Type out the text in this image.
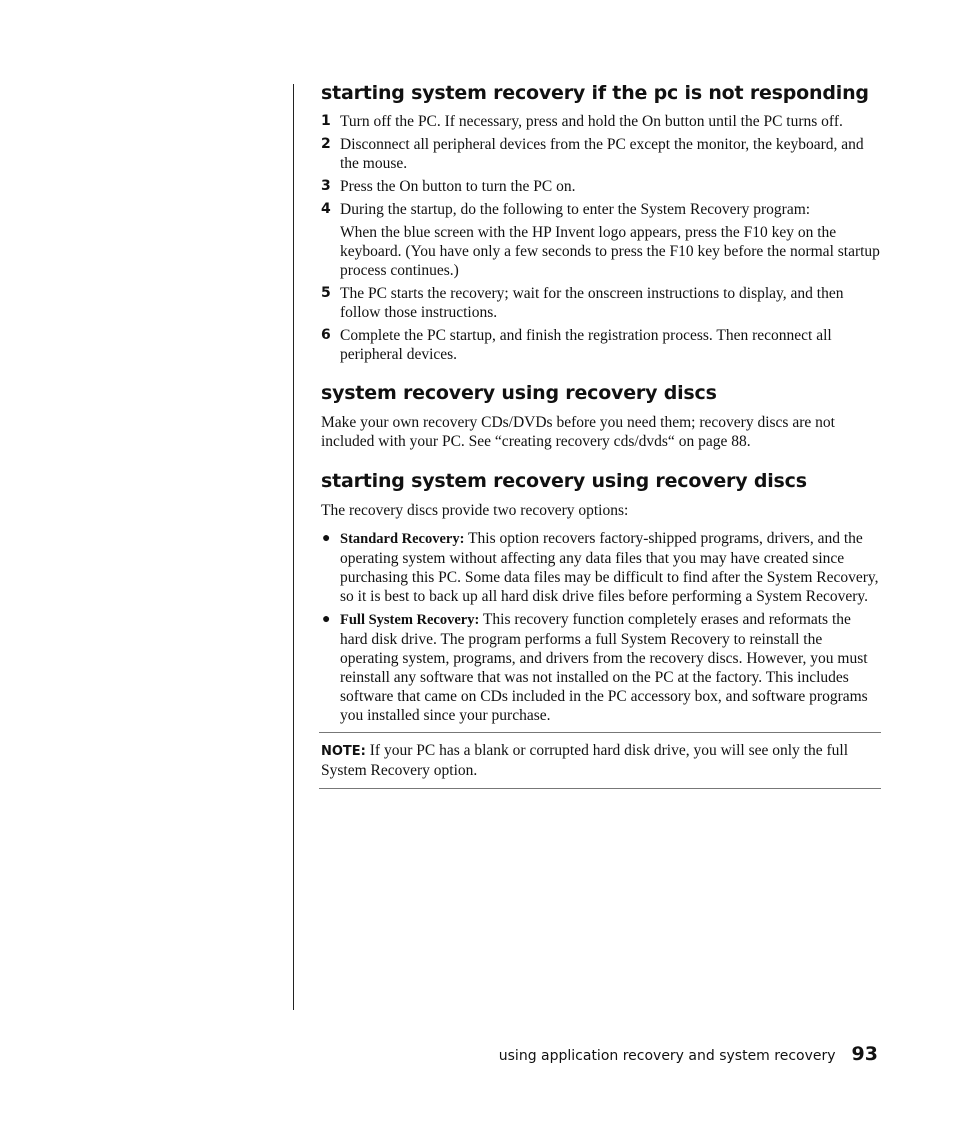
starting system recovery if the pc is not responding
1 Turn off the PC. If necessary, press and hold the On button until the PC turns off.
2 Disconnect all peripheral devices from the PC except the monitor, the keyboard, and the mouse.
3 Press the On button to turn the PC on.
4 During the startup, do the following to enter the System Recovery program:
When the blue screen with the HP Invent logo appears, press the F10 key on the keyboard. (You have only a few seconds to press the F10 key before the normal startup process continues.)
5 The PC starts the recovery; wait for the onscreen instructions to display, and then follow those instructions.
6 Complete the PC startup, and finish the registration process. Then reconnect all peripheral devices.
system recovery using recovery discs

Make your own recovery CDs/DVDs before you need them; recovery discs are not included with your PC. See “creating recovery cds/dvds“ on page 88.

starting system recovery using recovery discs

The recovery discs provide two recovery options:

● Standard Recovery: This option recovers factory-shipped programs, drivers, and the operating system without affecting any data files that you may have created since purchasing this PC. Some data files may be difficult to find after the System Recovery, so it is best to back up all hard disk drive files before performing a System Recovery.
● Full System Recovery: This recovery function completely erases and reformats the hard disk drive. The program performs a full System Recovery to reinstall the operating system, programs, and drivers from the recovery discs. However, you must reinstall any software that was not installed on the PC at the factory. This includes software that came on CDs included in the PC accessory box, and software programs you installed since your purchase.
NOTE: If your PC has a blank or corrupted hard disk drive, you will see only the full System Recovery option.
using application recovery and system recovery 93
